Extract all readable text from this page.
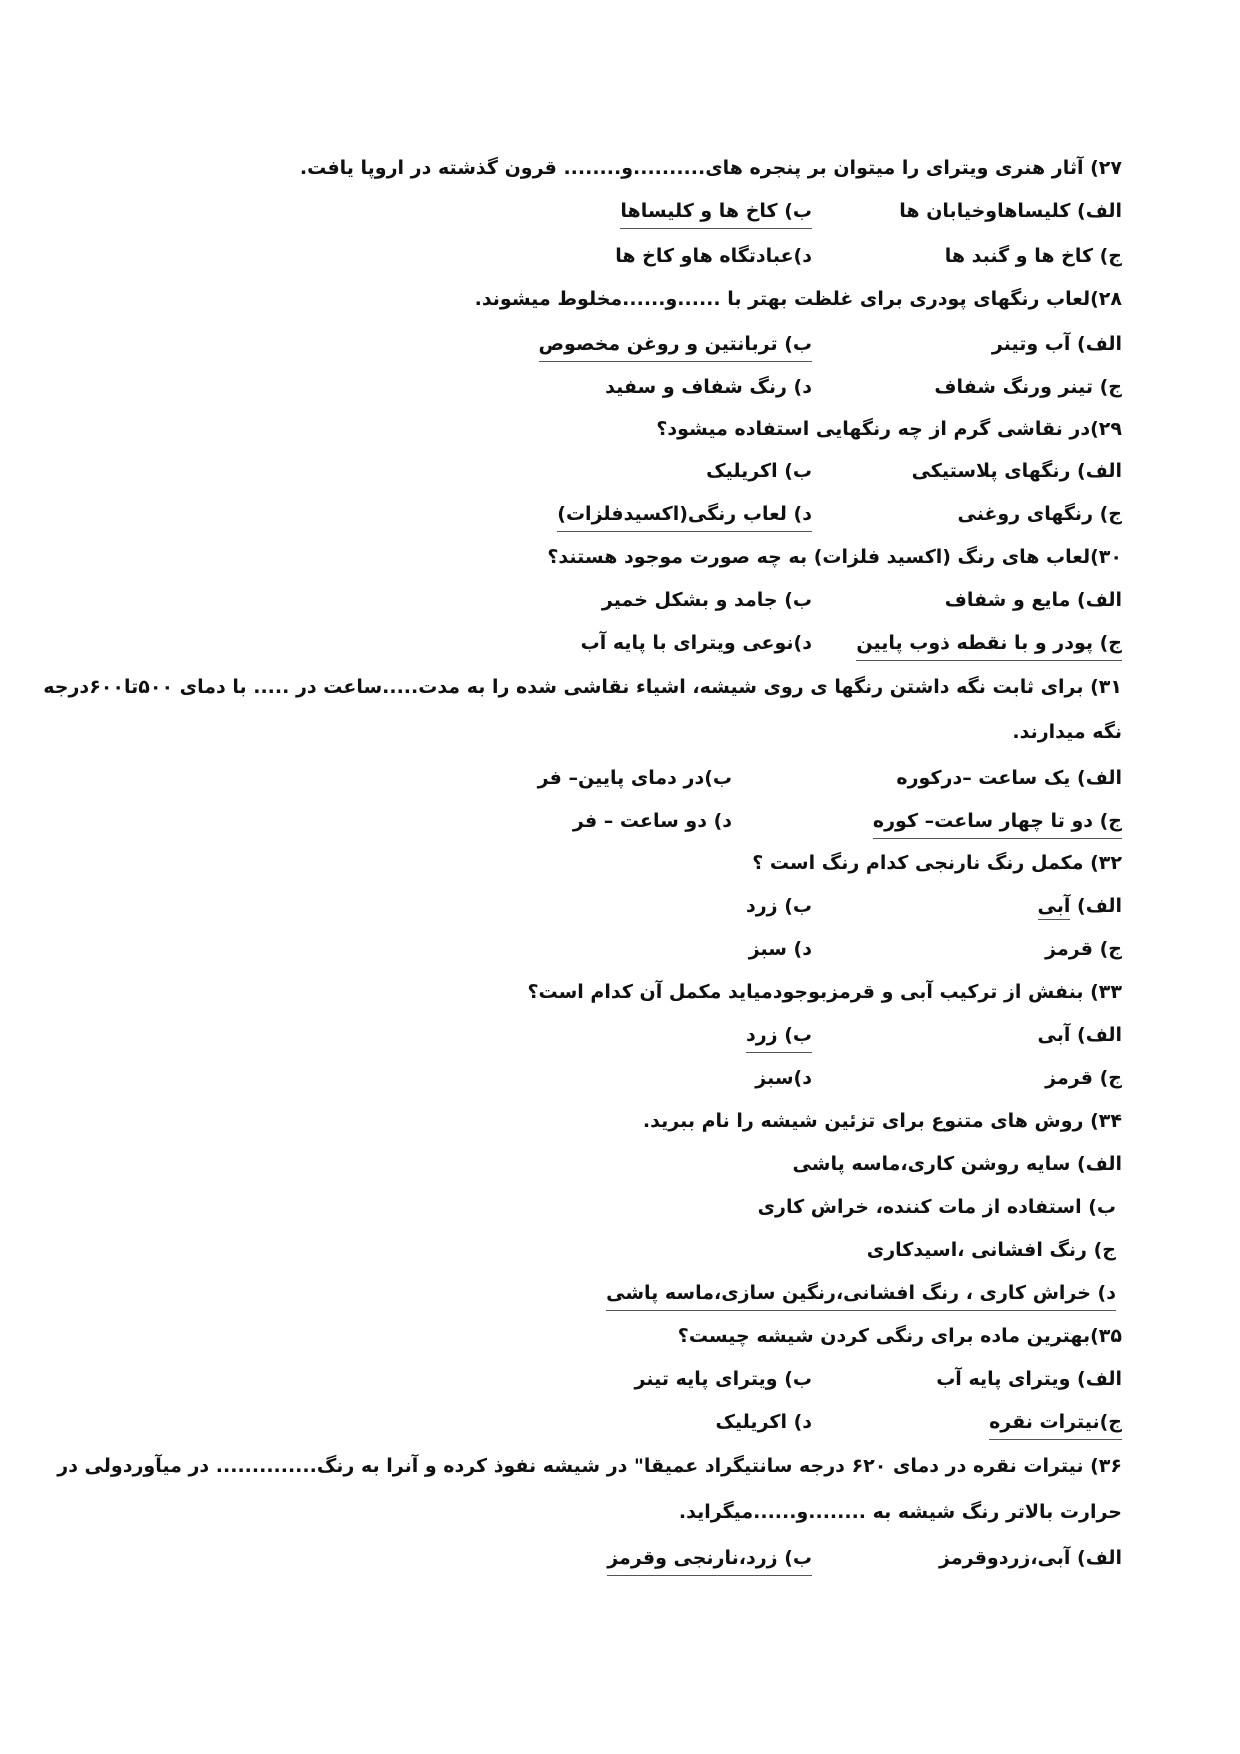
۲۷) آثار هنری ویترای را میتوان بر پنجره های..........و........ قرون گذشته در اروپا یافت.
الف) کلیساهاوخیابان ها
ب) کاخ ها و کلیساها
ج) کاخ ها و گنبد ها
د)عبادتگاه هاو کاخ ها
۲۸)لعاب رنگهای پودری برای غلظت بهتر با ......و......مخلوط میشوند.
الف) آب وتینر
ب) تربانتین و روغن مخصوص
ج) تینر ورنگ شفاف
د) رنگ شفاف و سفید
۲۹)در نقاشی گرم از چه رنگهایی استفاده میشود؟
الف) رنگهای پلاستیکی
ب) اکریلیک
ج) رنگهای روغنی
د) لعاب رنگی(اکسیدفلزات)
۳۰)لعاب های رنگ (اکسید فلزات) به چه صورت موجود هستند؟
الف) مایع و شفاف
ب) جامد و بشکل خمیر
ج) پودر و با نقطه ذوب پایین
د)نوعی ویترای با پایه آب
۳۱) برای ثابت نگه داشتن رنگها ی روی شیشه، اشیاء نقاشی شده را به مدت.....ساعت در ..... با دمای ۵۰۰تا۶۰۰درجه
نگه میدارند.
الف) یک ساعت –درکوره
ب)در دمای پایین– فر
ج) دو تا چهار ساعت– کوره
د) دو ساعت – فر
۳۲) مکمل رنگ نارنجی کدام رنگ است ؟
الف) آبی
ب) زرد
ج) قرمز
د) سبز
۳۳) بنفش از ترکیب آبی و قرمزبوجودمیاید مکمل آن کدام است؟
الف) آبی
ب) زرد
ج) قرمز
د)سبز
۳۴) روش های متنوع برای تزئین شیشه را نام ببرید.
الف) سایه روشن کاری،ماسه پاشی
ب) استفاده از مات کننده، خراش کاری
ج) رنگ افشانی ،اسیدکاری
د) خراش کاری ، رنگ افشانی،رنگین سازی،ماسه پاشی
۳۵)بهترین ماده برای رنگی کردن شیشه چیست؟
الف) ویترای پایه آب
ب) ویترای پایه تینر
ج)نیترات نقره
د) اکریلیک
۳۶) نیترات نقره در دمای ۶۲۰ درجه سانتیگراد عمیقا" در شیشه نفوذ کرده و آنرا به رنگ.............. در میآوردولی در
حرارت بالاتر رنگ شیشه به ........و......میگراید.
الف) آبی،زردوقرمز
ب) زرد،نارنجی وقرمز
